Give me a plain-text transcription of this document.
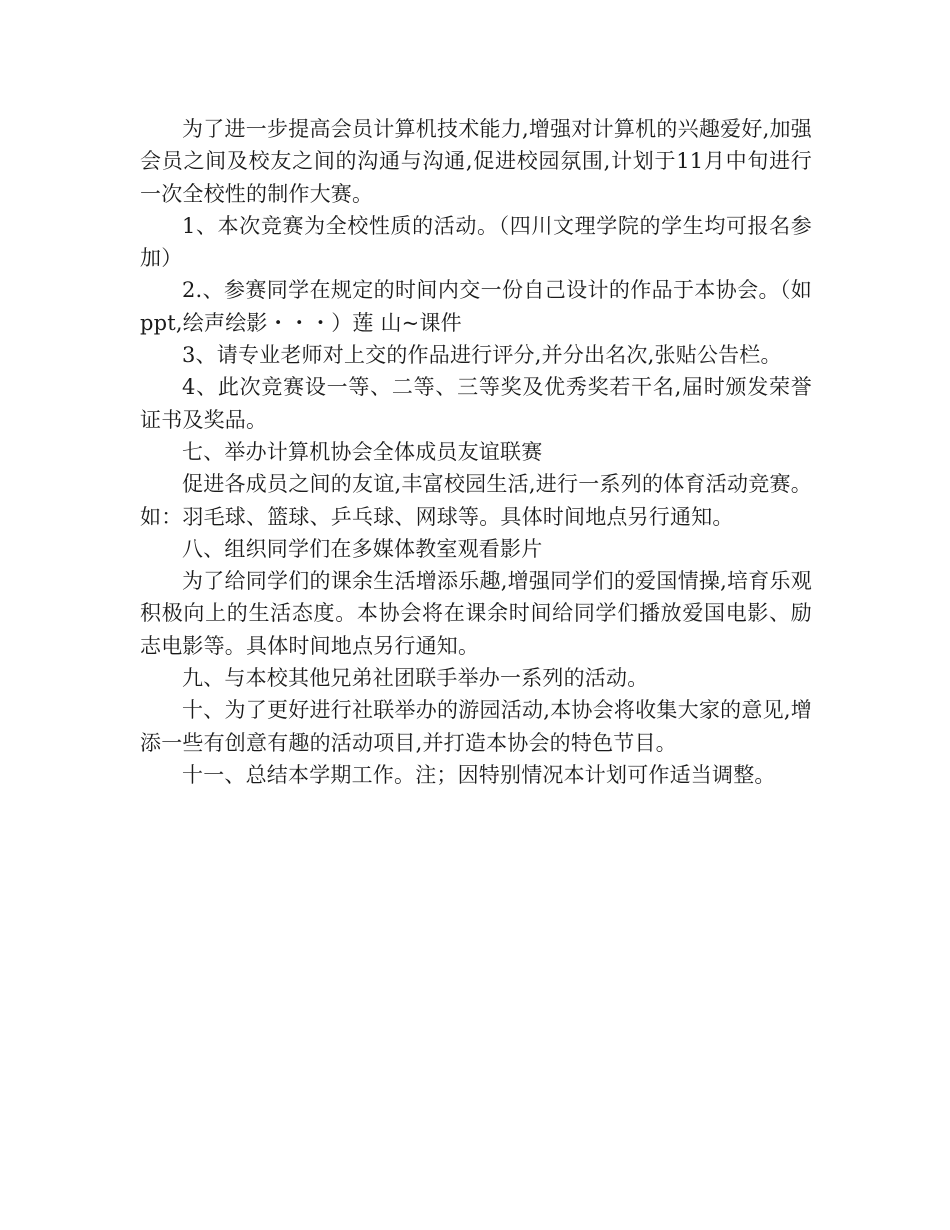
为了进一步提高会员计算机技术能力,增强对计算机的兴趣爱好,加强会员之间及校友之间的沟通与沟通,促进校园氛围,计划于11月中旬进行一次全校性的制作大赛。

1、本次竞赛为全校性质的活动。（四川文理学院的学生均可报名参加）

2.、参赛同学在规定的时间内交一份自己设计的作品于本协会。（如ppt,绘声绘影・・・）莲 山~课件

3、请专业老师对上交的作品进行评分,并分出名次,张贴公告栏。

4、此次竞赛设一等、二等、三等奖及优秀奖若干名,届时颁发荣誉证书及奖品。

七、举办计算机协会全体成员友谊联赛

促进各成员之间的友谊,丰富校园生活,进行一系列的体育活动竞赛。如：羽毛球、篮球、乒乓球、网球等。具体时间地点另行通知。

八、组织同学们在多媒体教室观看影片

为了给同学们的课余生活增添乐趣,增强同学们的爱国情操,培育乐观积极向上的生活态度。本协会将在课余时间给同学们播放爱国电影、励志电影等。具体时间地点另行通知。

九、与本校其他兄弟社团联手举办一系列的活动。

十、为了更好进行社联举办的游园活动,本协会将收集大家的意见,增添一些有创意有趣的活动项目,并打造本协会的特色节目。

十一、总结本学期工作。注；因特别情况本计划可作适当调整。
